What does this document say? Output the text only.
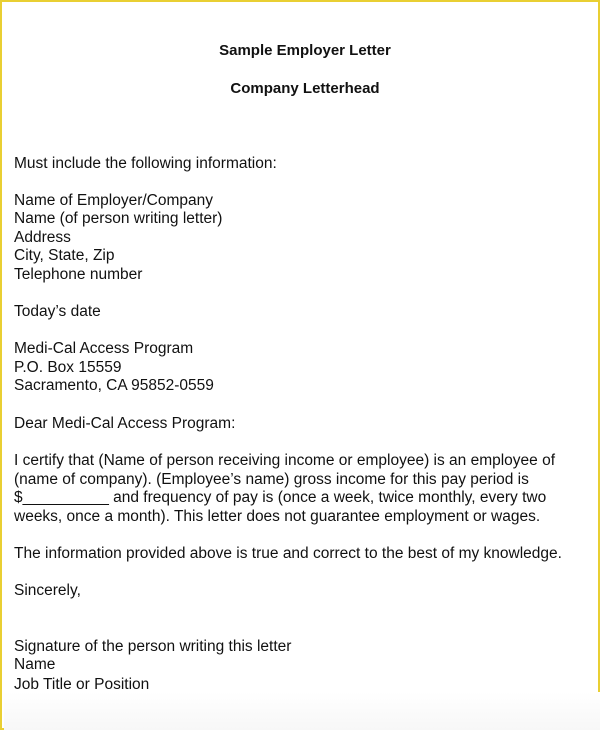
Sample Employer Letter
Company Letterhead
Must include the following information:
Name of Employer/Company
Name (of person writing letter)
Address
City, State, Zip
Telephone number
Today’s date
Medi-Cal Access Program
P.O. Box 15559
Sacramento, CA 95852-0559
Dear Medi-Cal Access Program:
I certify that (Name of person receiving income or employee) is an employee of
(name of company). (Employee’s name) gross income for this pay period is
$__________ and frequency of pay is (once a week, twice monthly, every two
weeks, once a month). This letter does not guarantee employment or wages.
The information provided above is true and correct to the best of my knowledge.
Sincerely,
Signature of the person writing this letter
Name
Job Title or Position
